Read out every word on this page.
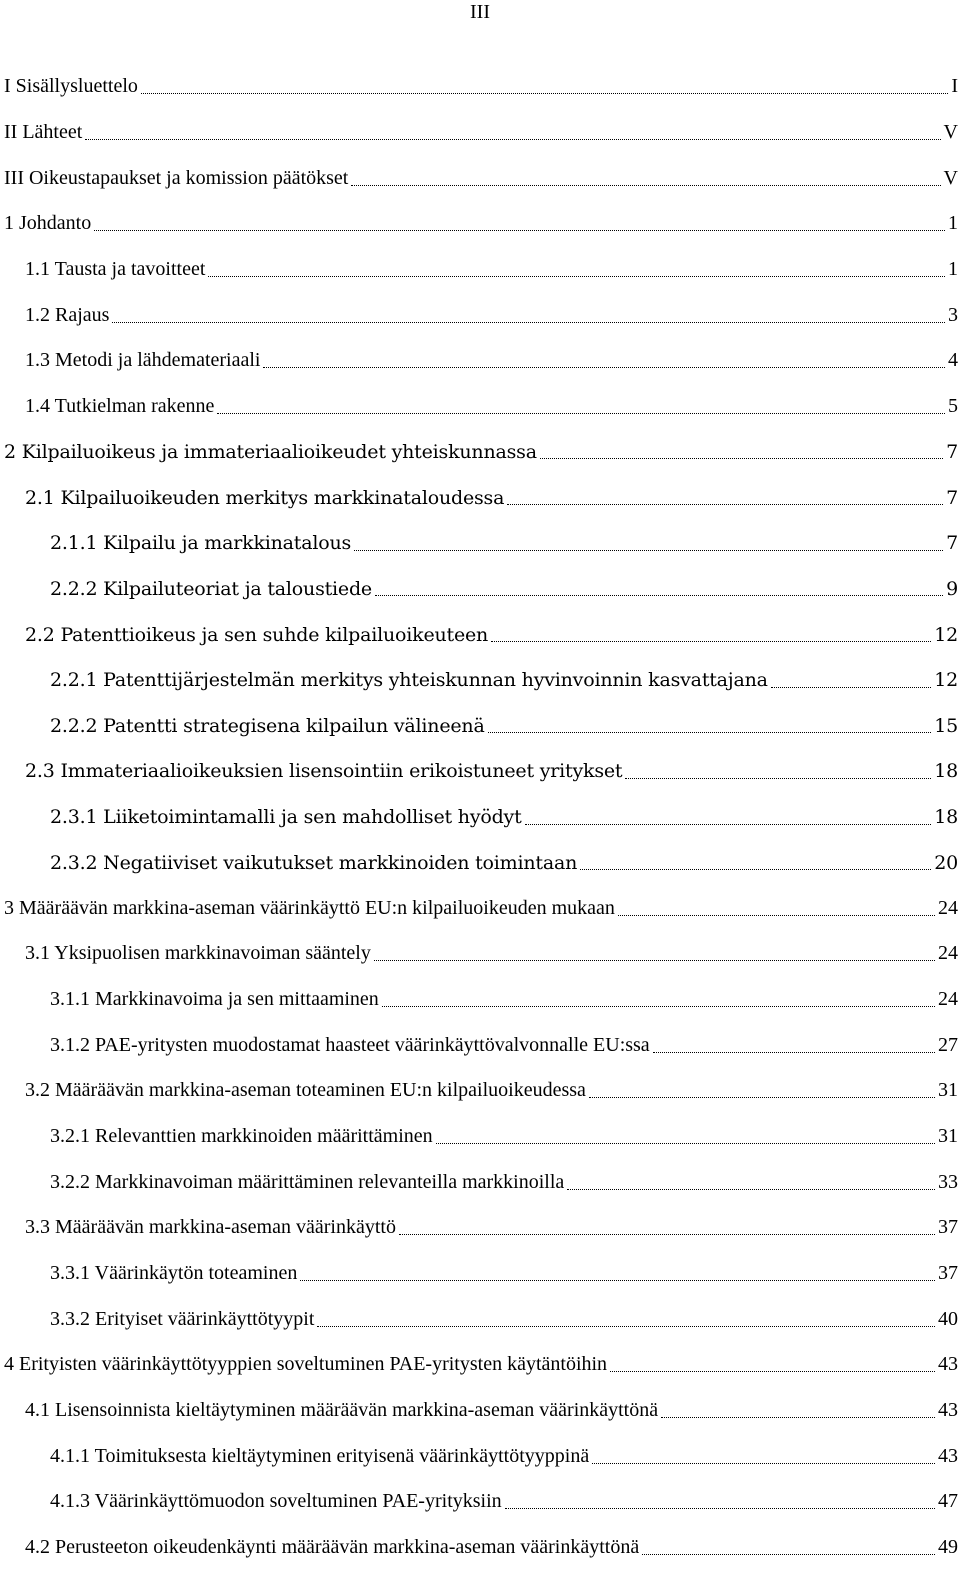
III
I Sisällysluettelo	I
II Lähteet	V
III Oikeustapaukset ja komission päätökset	V
1 Johdanto	1
1.1 Tausta ja tavoitteet	1
1.2 Rajaus	3
1.3 Metodi ja lähdemateriaali	4
1.4 Tutkielman rakenne	5
2 Kilpailuoikeus ja immateriaalioikeudet yhteiskunnassa	7
2.1 Kilpailuoikeuden merkitys markkinataloudessa	7
2.1.1 Kilpailu ja markkinatalous	7
2.2.2 Kilpailuteoriat ja taloustiede	9
2.2 Patenttioikeus ja sen suhde kilpailuoikeuteen	12
2.2.1 Patenttijärjestelmän merkitys yhteiskunnan hyvinvoinnin kasvattajana	12
2.2.2 Patentti strategisena kilpailun välineenä	15
2.3 Immateriaalioikeuksien lisensointiin erikoistuneet yritykset	18
2.3.1 Liiketoimintamalli ja sen mahdolliset hyödyt	18
2.3.2 Negatiiviset vaikutukset markkinoiden toimintaan	20
3 Määräävän markkina-aseman väärinkäyttö EU:n kilpailuoikeuden mukaan	24
3.1 Yksipuolisen markkinavoiman sääntely	24
3.1.1 Markkinavoima ja sen mittaaminen	24
3.1.2 PAE-yritysten muodostamat haasteet väärinkäyttövalvonnalle EU:ssa	27
3.2 Määräävän markkina-aseman toteaminen EU:n kilpailuoikeudessa	31
3.2.1 Relevanttien markkinoiden määrittäminen	31
3.2.2 Markkinavoiman määrittäminen relevanteilla markkinoilla	33
3.3 Määräävän markkina-aseman väärinkäyttö	37
3.3.1 Väärinkäytön toteaminen	37
3.3.2 Erityiset väärinkäyttötyypit	40
4 Erityisten väärinkäyttötyyppien soveltuminen PAE-yritysten käytäntöihin	43
4.1 Lisensoinnista kieltäytyminen määräävän markkina-aseman väärinkäyttönä	43
4.1.1 Toimituksesta kieltäytyminen erityisenä väärinkäyttötyyppinä	43
4.1.3 Väärinkäyttömuodon soveltuminen PAE-yrityksiin	47
4.2 Perusteeton oikeudenkäynti määräävän markkina-aseman väärinkäyttönä	49
